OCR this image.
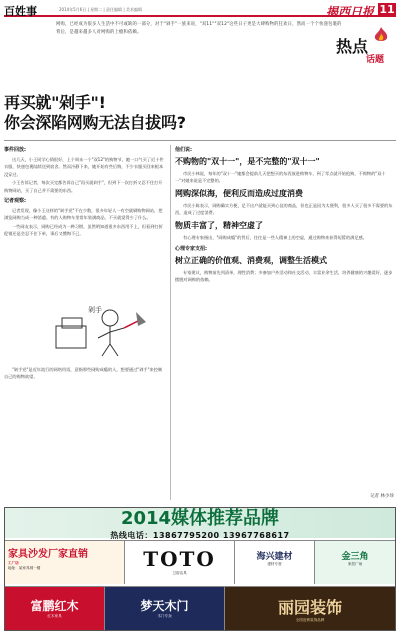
百姓事	2014年5月6日 | 星期二 | 责任编辑 | 美术编辑	揭西日报 11
网购，已经成为很多人生活中不可或缺的一部分，对于"剁手"一族来说，"双11""双12"这些日子更是大肆购物的狂欢日，然而一个个快递包裹的背后，是越来越多人对网购的上瘾和依赖。
热点
话题
再买就"剁手"!
你会深陷网购无法自拔吗?
事件回放:
这几天，小王同学心情很好，上个周末一个"双12"的购物节，她一口气买了近十件衣服，快递包裹陆续送到宿舍。然而冷静下来，她开始有些后悔，不少衣服买回来根本没穿过。
小王告诉记者，每次买完都告诉自己"再买就剁手"，但到下一次打折又忍不住打开购物网站，买了自己并不需要的东西。
记者观察:
记者发现，像小王这样的"剁手党"不在少数，很多年轻人一有空就刷购物网站，把浏览网购当成一种消遣。有的人购物车里常年装满商品，不买就觉得少了什么。
一些网友表示，网购已经成为一种习惯，虽然明知道很多东西用不上，但看到打折促销还是会忍不住下单，事后又懊悔不已。
剁手
"剁手党"是近年流行的网络用语，意指那些网购成瘾的人，想要通过"剁手"来控制自己的购物欲望。
他们说:
不购物的"双十一"，是不完整的"双十一"
市民小林说，每年的"双十一"她都会提前几天把想买的东西放进购物车，到了零点就开始抢购，不购物的"双十一"对她来说是不完整的。
网购深似海，便利反而造成过度消费
市民小陈表示，网购确实方便，足不出户就能买到心仪的商品，但也正是因为太便利，很多人买了很多不需要的东西，造成了过度消费。
物质丰富了，精神空虚了
有心理专家指出，"网购成瘾"的背后，往往是一些人精神上的空虚，通过购物来获得短暂的满足感。
心理专家支招:
树立正确的价值观、消费观，调整生活模式
专家建议，购物前先列清单，理性消费；多参加户外活动和社交活动，丰富业余生活，培养健康的兴趣爱好，逐步摆脱对网购的依赖。
记者 林少珍
2014媒体推荐品牌
热线电话：13867795200 13967768617
家具沙发厂家直销
工厂店
地址：某家具城一楼	TOTO
卫浴洁具
海兴建材
建材专营
金三角
家居广场
富鹏红木
红木家具
梦天木门
木门专卖	丽园装饰
全国连锁装饰品牌
